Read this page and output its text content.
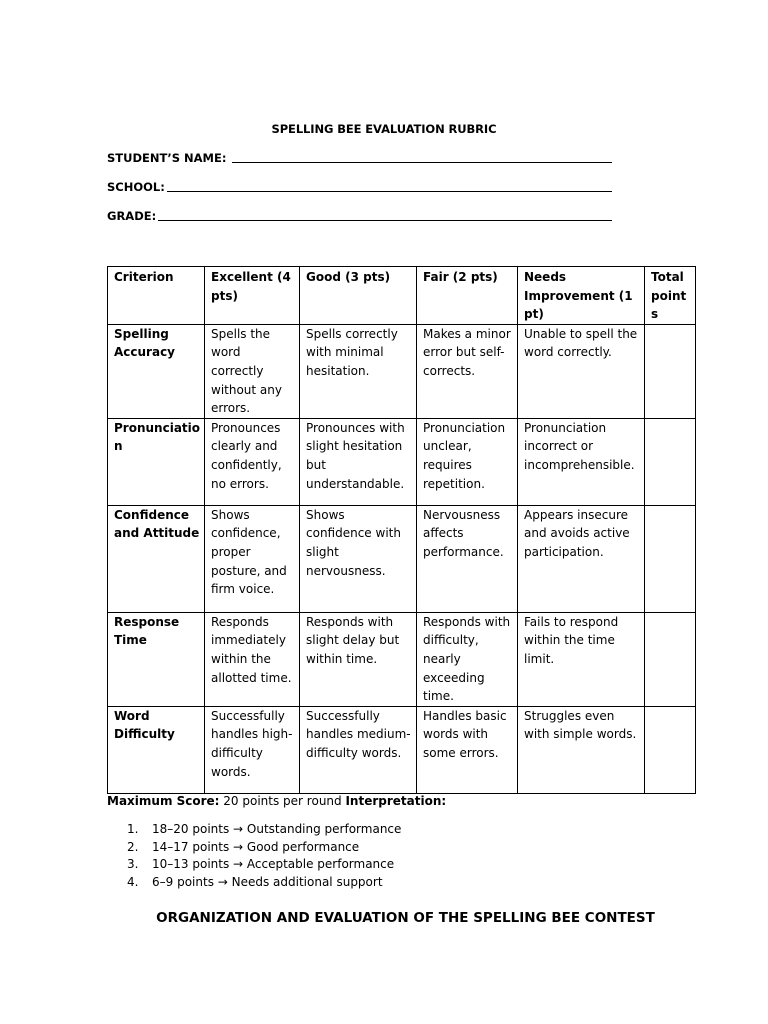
SPELLING BEE EVALUATION RUBRIC
STUDENT’S NAME:
SCHOOL:
GRADE:
Criterion	Excellent (4 pts)	Good (3 pts)	Fair (2 pts)	Needs Improvement (1 pt)	Total points
Spelling Accuracy	Spells the word correctly without any errors.	Spells correctly with minimal hesitation.	Makes a minor error but self-corrects.	Unable to spell the word correctly.	
Pronunciation	Pronounces clearly and confidently, no errors.	Pronounces with slight hesitation but understandable.	Pronunciation unclear, requires repetition.	Pronunciation incorrect or incomprehensible.	
Confidence and Attitude	Shows confidence, proper posture, and firm voice.	Shows confidence with slight nervousness.	Nervousness affects performance.	Appears insecure and avoids active participation.	
Response Time	Responds immediately within the allotted time.	Responds with slight delay but within time.	Responds with difficulty, nearly exceeding time.	Fails to respond within the time limit.	
Word Difficulty	Successfully handles high-difficulty words.	Successfully handles medium-difficulty words.	Handles basic words with some errors.	Struggles even with simple words.	
Maximum Score: 20 points per round Interpretation:
1. 18–20 points → Outstanding performance
2. 14–17 points → Good performance
3. 10–13 points → Acceptable performance
4. 6–9 points → Needs additional support
ORGANIZATION AND EVALUATION OF THE SPELLING BEE CONTEST
